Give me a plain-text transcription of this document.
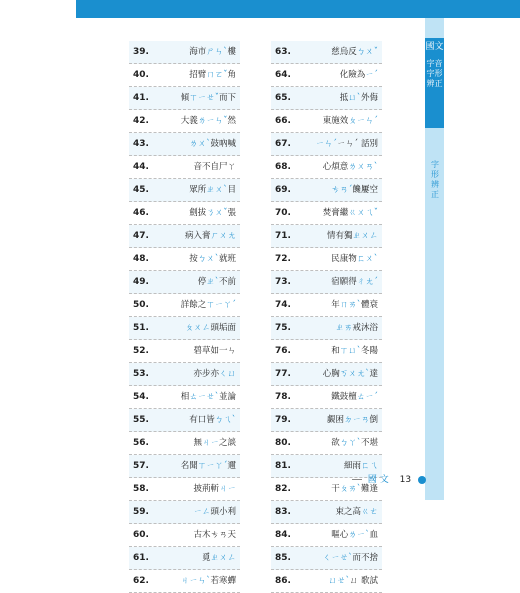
國文
字音字形辨正
字形辨正
39.	海市ㄕㄣˋ樓
40.	招臂ㄇㄛˇ角
41.	傾ㄒㄧㄝˇ而下
42.	大義ㄌㄧㄣˇ然
43.	ㄌㄨˋ鼓吶喊
44.	音不自尸ㄚ
45.	眾所ㄓㄨˋ目
46.	劍拔ㄋㄨˇ張
47.	病入膏ㄏㄨㄤ
48.	按ㄅㄨˋ就班
49.	停ㄓˋ不前
50.	詳餘之ㄒㄧㄚˊ
51.	ㄆㄨㄥ頭垢面
52.	碧草如一ㄣ
53.	亦步亦ㄑㄩ
54.	相ㄊㄧㄝˋ並論
55.	有口皆ㄅㄟˋ
56.	無ㄐㄧ之談
57.	名聞ㄒㄧㄚˊ邇
58.	披荊斬ㄐㄧ
59.	ㄧㄥ頭小利
60.	古木ㄘㄢ天
61.	覓ㄓㄨㄥ
62.	ㄐㄧㄣˋ若寒蟬
63.	慈烏反ㄅㄨˇ
64.	化險為ㄧˊ
65.	抵ㄩˋ外侮
66.	東施效ㄆㄧㄣˊ
67.	ㄧㄣˊㄧㄣˊ 話別
68.	心煩意ㄌㄨㄢˋ
69.	ㄘㄢˊ饞屢空
70.	焚膏繼ㄍㄨㄟˇ
71.	情有獨ㄓㄨㄥ
72.	民康物ㄈㄨˋ
73.	宿願得ㄔㄤˊ
74.	年ㄇㄞˋ體衰
75.	ㄓㄞ戒沐浴
76.	和ㄒㄩˋ冬陽
77.	心胸ㄎㄨㄤˋ達
78.	鐵鼓檀ㄊㄧˊ
79.	覷困ㄉㄧㄢ倒
80.	欲ㄅㄚˋ不堪
81.	細雨ㄈㄟ
82.	干ㄆㄞˋ難逢
83.	束之高ㄍㄜ
84.	嘔心ㄌㄧˋ血
85.	ㄑㄧㄝˋ而不捨
86.	ㄩㄝˋㄩ 歌試
國 文 13
